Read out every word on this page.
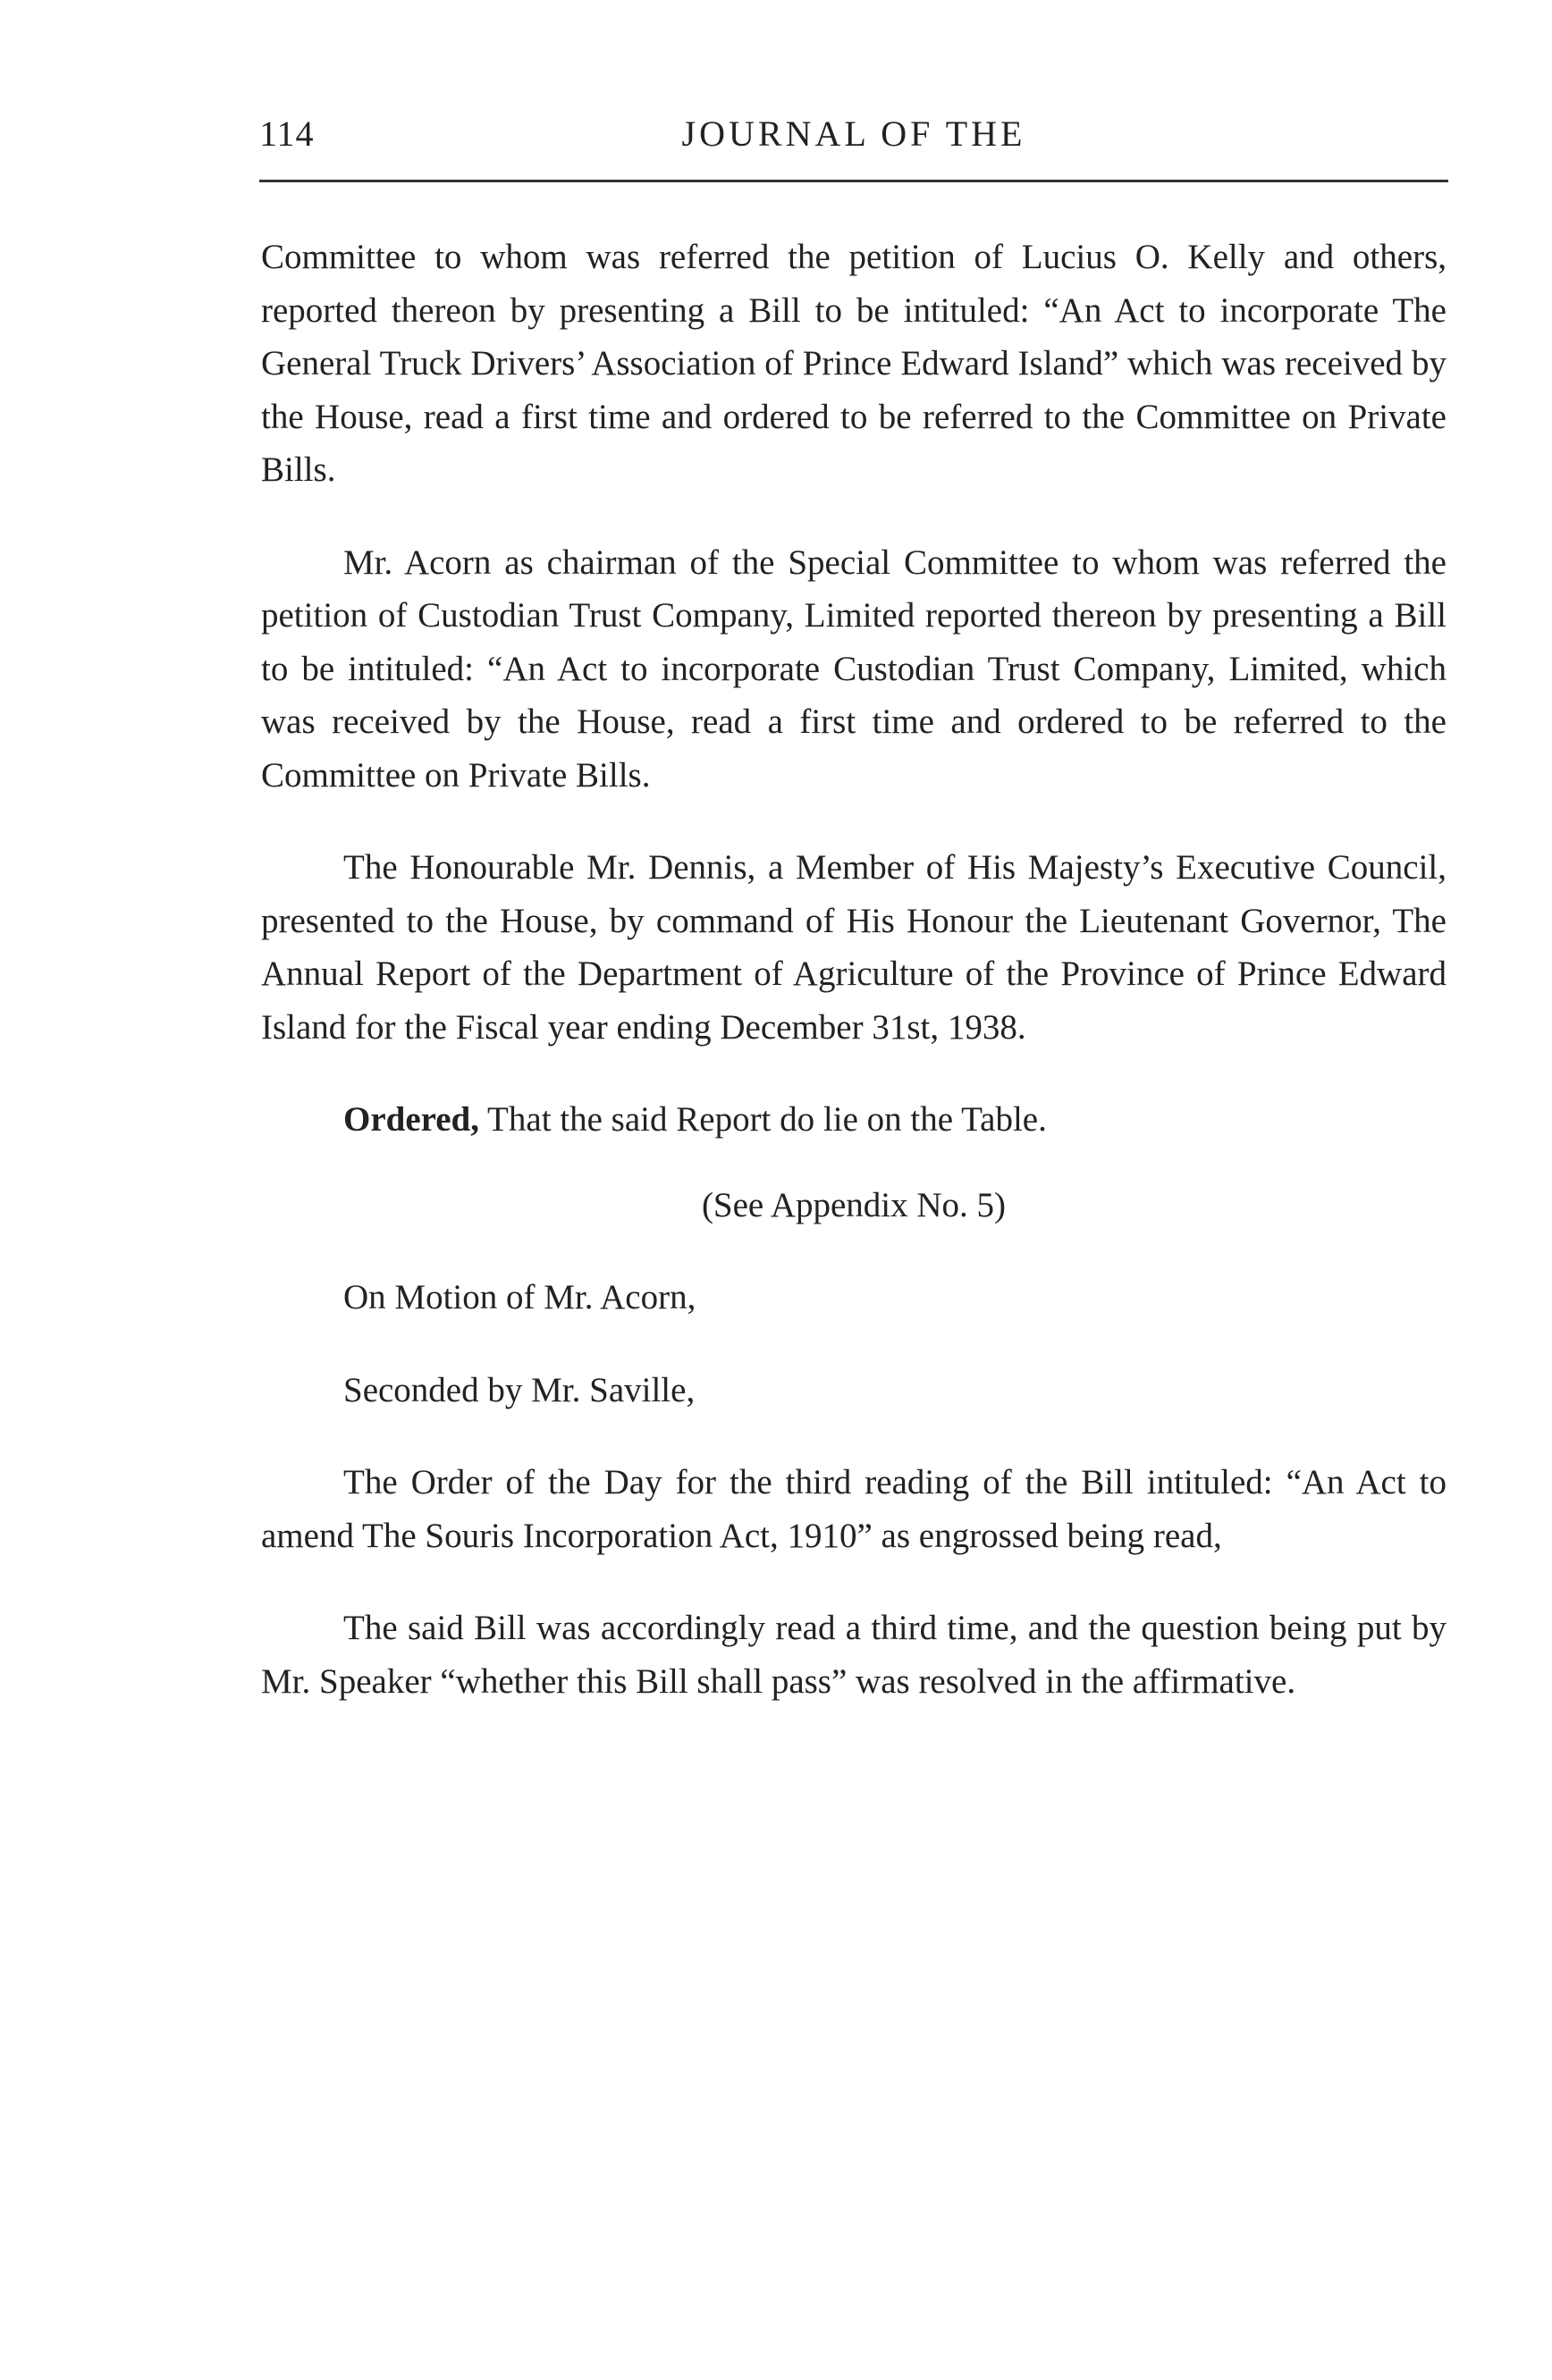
114	JOURNAL OF THE

Committee to whom was referred the petition of Lucius O. Kelly and others, reported thereon by presenting a Bill to be intituled: “An Act to incorporate The General Truck Drivers’ Association of Prince Edward Island” which was received by the House, read a first time and ordered to be referred to the Committee on Private Bills.

Mr. Acorn as chairman of the Special Committee to whom was referred the petition of Custodian Trust Company, Limited reported thereon by presenting a Bill to be intituled: “An Act to incorporate Custodian Trust Company, Limited, which was received by the House, read a first time and ordered to be referred to the Committee on Private Bills.

The Honourable Mr. Dennis, a Member of His Majesty’s Executive Council, presented to the House, by command of His Honour the Lieutenant Governor, The Annual Report of the Department of Agriculture of the Province of Prince Edward Island for the Fiscal year ending December 31st, 1938.

Ordered, That the said Report do lie on the Table.

(See Appendix No. 5)

On Motion of Mr. Acorn,

Seconded by Mr. Saville,

The Order of the Day for the third reading of the Bill intituled: “An Act to amend The Souris Incorporation Act, 1910” as engrossed being read,

The said Bill was accordingly read a third time, and the question being put by Mr. Speaker “whether this Bill shall pass” was resolved in the affirmative.
